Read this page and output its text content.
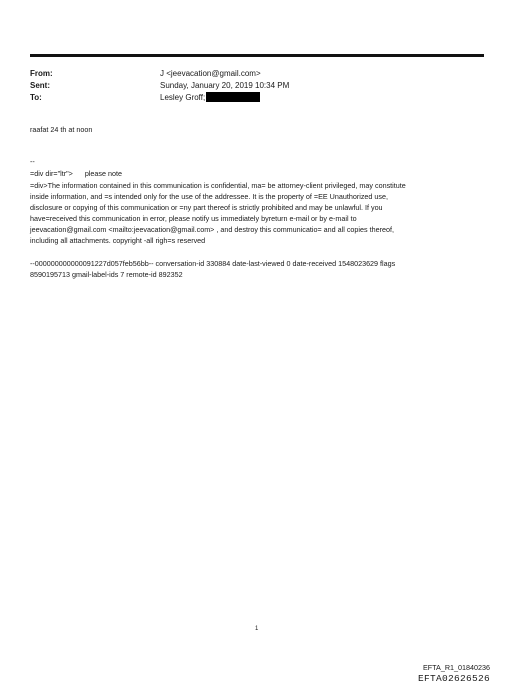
From:	J <jeevacation@gmail.com>
Sent:	Sunday, January 20, 2019 10:34 PM
To:	Lesley Groff;
raafat 24 th at noon
--
=div dir="ltr">      please note
=div>The information contained in this communication is confidential, ma= be attorney-client privileged, may constitute
inside information, and =s intended only for the use of the addressee. It is the property of =EE Unauthorized use,
disclosure or copying of this communication or =ny part thereof is strictly prohibited and may be unlawful. If you
have=received this communication in error, please notify us immediately byreturn e-mail or by e-mail to
jeevacation@gmail.com <mailto:jeevacation@gmail.com> , and destroy this communicatio= and all copies thereof,
including all attachments. copyright -all righ=s reserved
--000000000000091227d057feb56bb-- conversation-id 330884 date-last-viewed 0 date-received 1548023629 flags
8590195713 gmail-label-ids 7 remote-id 892352
1
EFTA_R1_01840236
EFTA02626526
